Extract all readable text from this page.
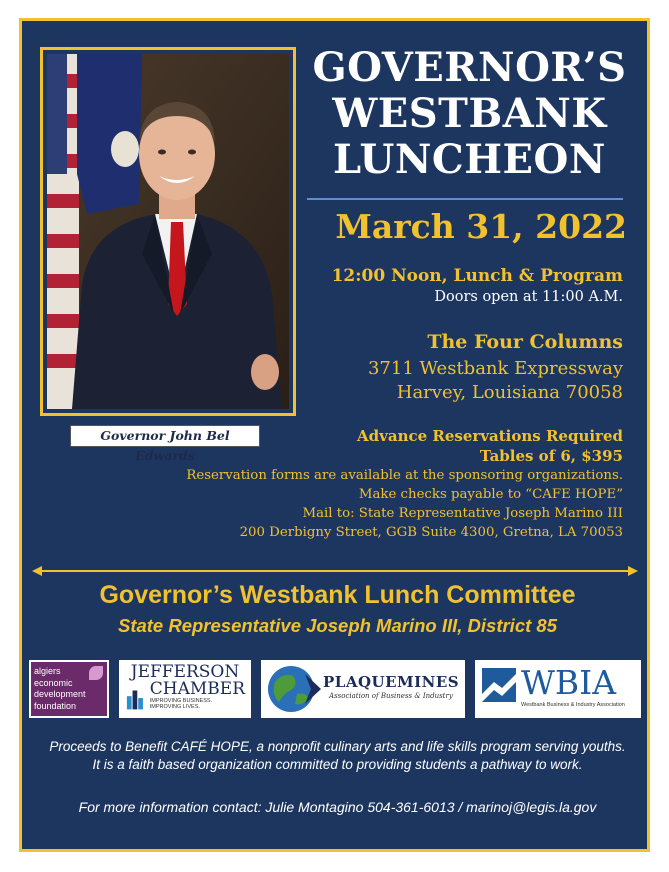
Governor John Bel Edwards
GOVERNOR’S
WESTBANK
LUNCHEON
March 31, 2022
12:00 Noon, Lunch & Program
Doors open at 11:00 A.M.
The Four Columns
3711 Westbank Expressway
Harvey, Louisiana 70058
Advance Reservations Required
Tables of 6, $395
Reservation forms are available at the sponsoring organizations.
Make checks payable to “CAFE HOPE”
Mail to: State Representative Joseph Marino III
200 Derbigny Street, GGB Suite 4300, Gretna, LA 70053
Governor’s Westbank Lunch Committee
State Representative Joseph Marino III, District 85
algiers
economic
development
foundation
JEFFERSON
CHAMBER
IMPROVING BUSINESS.
IMPROVING LIVES.
PLAQUEMINES
Association of Business & Industry WBIA
Westbank Business & Industry Association
Proceeds to Benefit CAFÉ HOPE, a nonprofit culinary arts and life skills program serving youths.
It is a faith based organization committed to providing students a pathway to work.
For more information contact: Julie Montagino 504-361-6013 / marinoj@legis.la.gov
